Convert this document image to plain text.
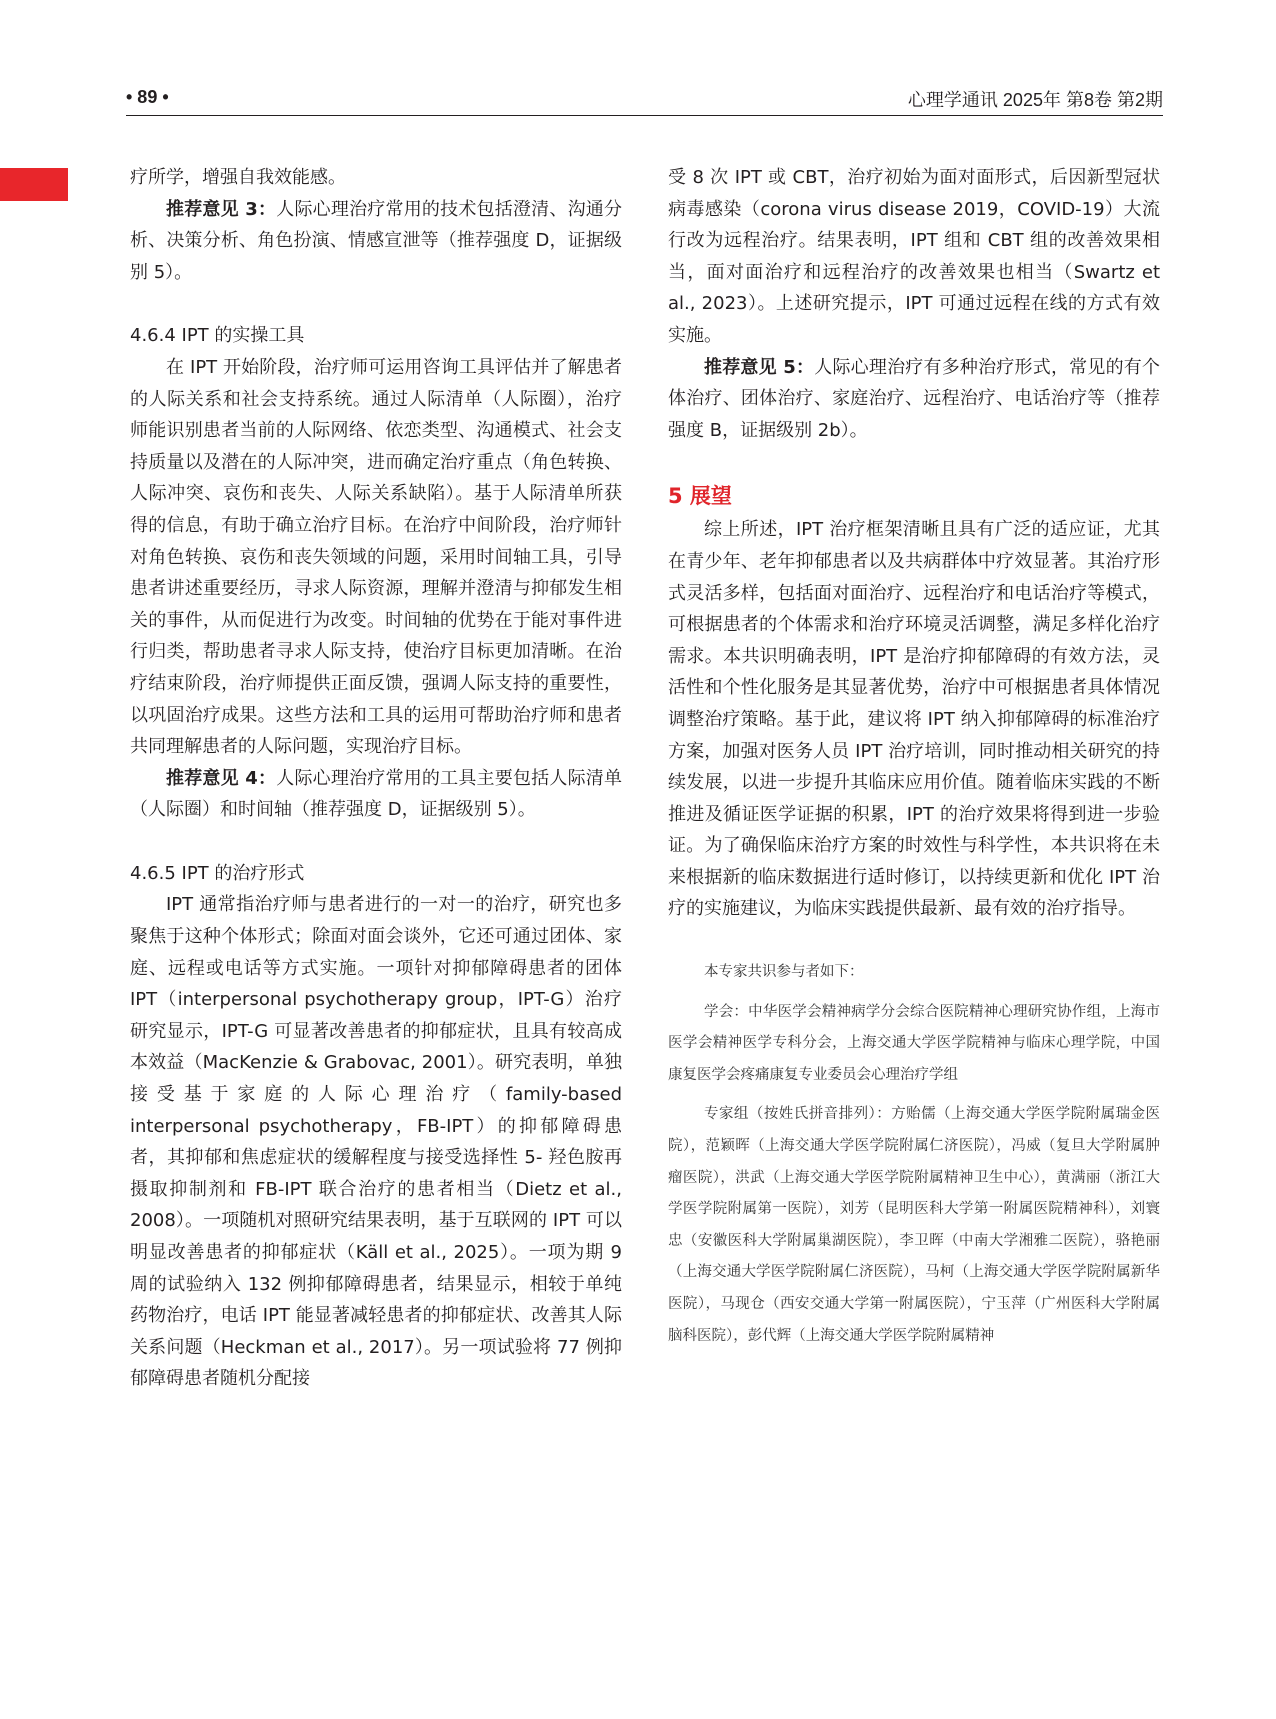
• 89 •	心理学通讯 2025年 第8卷 第2期

疗所学，增强自我效能感。

推荐意见 3：人际心理治疗常用的技术包括澄清、沟通分析、决策分析、角色扮演、情感宣泄等（推荐强度 D，证据级别 5）。

4.6.4 IPT 的实操工具

在 IPT 开始阶段，治疗师可运用咨询工具评估并了解患者的人际关系和社会支持系统。通过人际清单（人际圈），治疗师能识别患者当前的人际网络、依恋类型、沟通模式、社会支持质量以及潜在的人际冲突，进而确定治疗重点（角色转换、人际冲突、哀伤和丧失、人际关系缺陷）。基于人际清单所获得的信息，有助于确立治疗目标。在治疗中间阶段，治疗师针对角色转换、哀伤和丧失领域的问题，采用时间轴工具，引导患者讲述重要经历，寻求人际资源，理解并澄清与抑郁发生相关的事件，从而促进行为改变。时间轴的优势在于能对事件进行归类，帮助患者寻求人际支持，使治疗目标更加清晰。在治疗结束阶段，治疗师提供正面反馈，强调人际支持的重要性，以巩固治疗成果。这些方法和工具的运用可帮助治疗师和患者共同理解患者的人际问题，实现治疗目标。

推荐意见 4：人际心理治疗常用的工具主要包括人际清单（人际圈）和时间轴（推荐强度 D，证据级别 5）。

4.6.5 IPT 的治疗形式

IPT 通常指治疗师与患者进行的一对一的治疗，研究也多聚焦于这种个体形式；除面对面会谈外，它还可通过团体、家庭、远程或电话等方式实施。一项针对抑郁障碍患者的团体 IPT（interpersonal psychotherapy group，IPT-G）治疗研究显示，IPT-G 可显著改善患者的抑郁症状，且具有较高成本效益（MacKenzie & Grabovac, 2001）。研究表明，单独接受基于家庭的人际心理治疗（family-based interpersonal psychotherapy，FB-IPT）的抑郁障碍患者，其抑郁和焦虑症状的缓解程度与接受选择性 5- 羟色胺再摄取抑制剂和 FB-IPT 联合治疗的患者相当（Dietz et al., 2008）。一项随机对照研究结果表明，基于互联网的 IPT 可以明显改善患者的抑郁症状（Käll et al., 2025）。一项为期 9 周的试验纳入 132 例抑郁障碍患者，结果显示，相较于单纯药物治疗，电话 IPT 能显著减轻患者的抑郁症状、改善其人际关系问题（Heckman et al., 2017）。另一项试验将 77 例抑郁障碍患者随机分配接

受 8 次 IPT 或 CBT，治疗初始为面对面形式，后因新型冠状病毒感染（corona virus disease 2019，COVID-19）大流行改为远程治疗。结果表明，IPT 组和 CBT 组的改善效果相当，面对面治疗和远程治疗的改善效果也相当（Swartz et al., 2023）。上述研究提示，IPT 可通过远程在线的方式有效实施。

推荐意见 5：人际心理治疗有多种治疗形式，常见的有个体治疗、团体治疗、家庭治疗、远程治疗、电话治疗等（推荐强度 B，证据级别 2b）。

5 展望

综上所述，IPT 治疗框架清晰且具有广泛的适应证，尤其在青少年、老年抑郁患者以及共病群体中疗效显著。其治疗形式灵活多样，包括面对面治疗、远程治疗和电话治疗等模式，可根据患者的个体需求和治疗环境灵活调整，满足多样化治疗需求。本共识明确表明，IPT 是治疗抑郁障碍的有效方法，灵活性和个性化服务是其显著优势，治疗中可根据患者具体情况调整治疗策略。基于此，建议将 IPT 纳入抑郁障碍的标准治疗方案，加强对医务人员 IPT 治疗培训，同时推动相关研究的持续发展，以进一步提升其临床应用价值。随着临床实践的不断推进及循证医学证据的积累，IPT 的治疗效果将得到进一步验证。为了确保临床治疗方案的时效性与科学性，本共识将在未来根据新的临床数据进行适时修订，以持续更新和优化 IPT 治疗的实施建议，为临床实践提供最新、最有效的治疗指导。

本专家共识参与者如下：

学会：中华医学会精神病学分会综合医院精神心理研究协作组，上海市医学会精神医学专科分会，上海交通大学医学院精神与临床心理学院，中国康复医学会疼痛康复专业委员会心理治疗学组

专家组（按姓氏拼音排列）：方贻儒（上海交通大学医学院附属瑞金医院），范颖晖（上海交通大学医学院附属仁济医院），冯威（复旦大学附属肿瘤医院），洪武（上海交通大学医学院附属精神卫生中心），黄满丽（浙江大学医学院附属第一医院），刘芳（昆明医科大学第一附属医院精神科），刘寰忠（安徽医科大学附属巢湖医院），李卫晖（中南大学湘雅二医院），骆艳丽（上海交通大学医学院附属仁济医院），马柯（上海交通大学医学院附属新华医院），马现仓（西安交通大学第一附属医院），宁玉萍（广州医科大学附属脑科医院），彭代辉（上海交通大学医学院附属精神
